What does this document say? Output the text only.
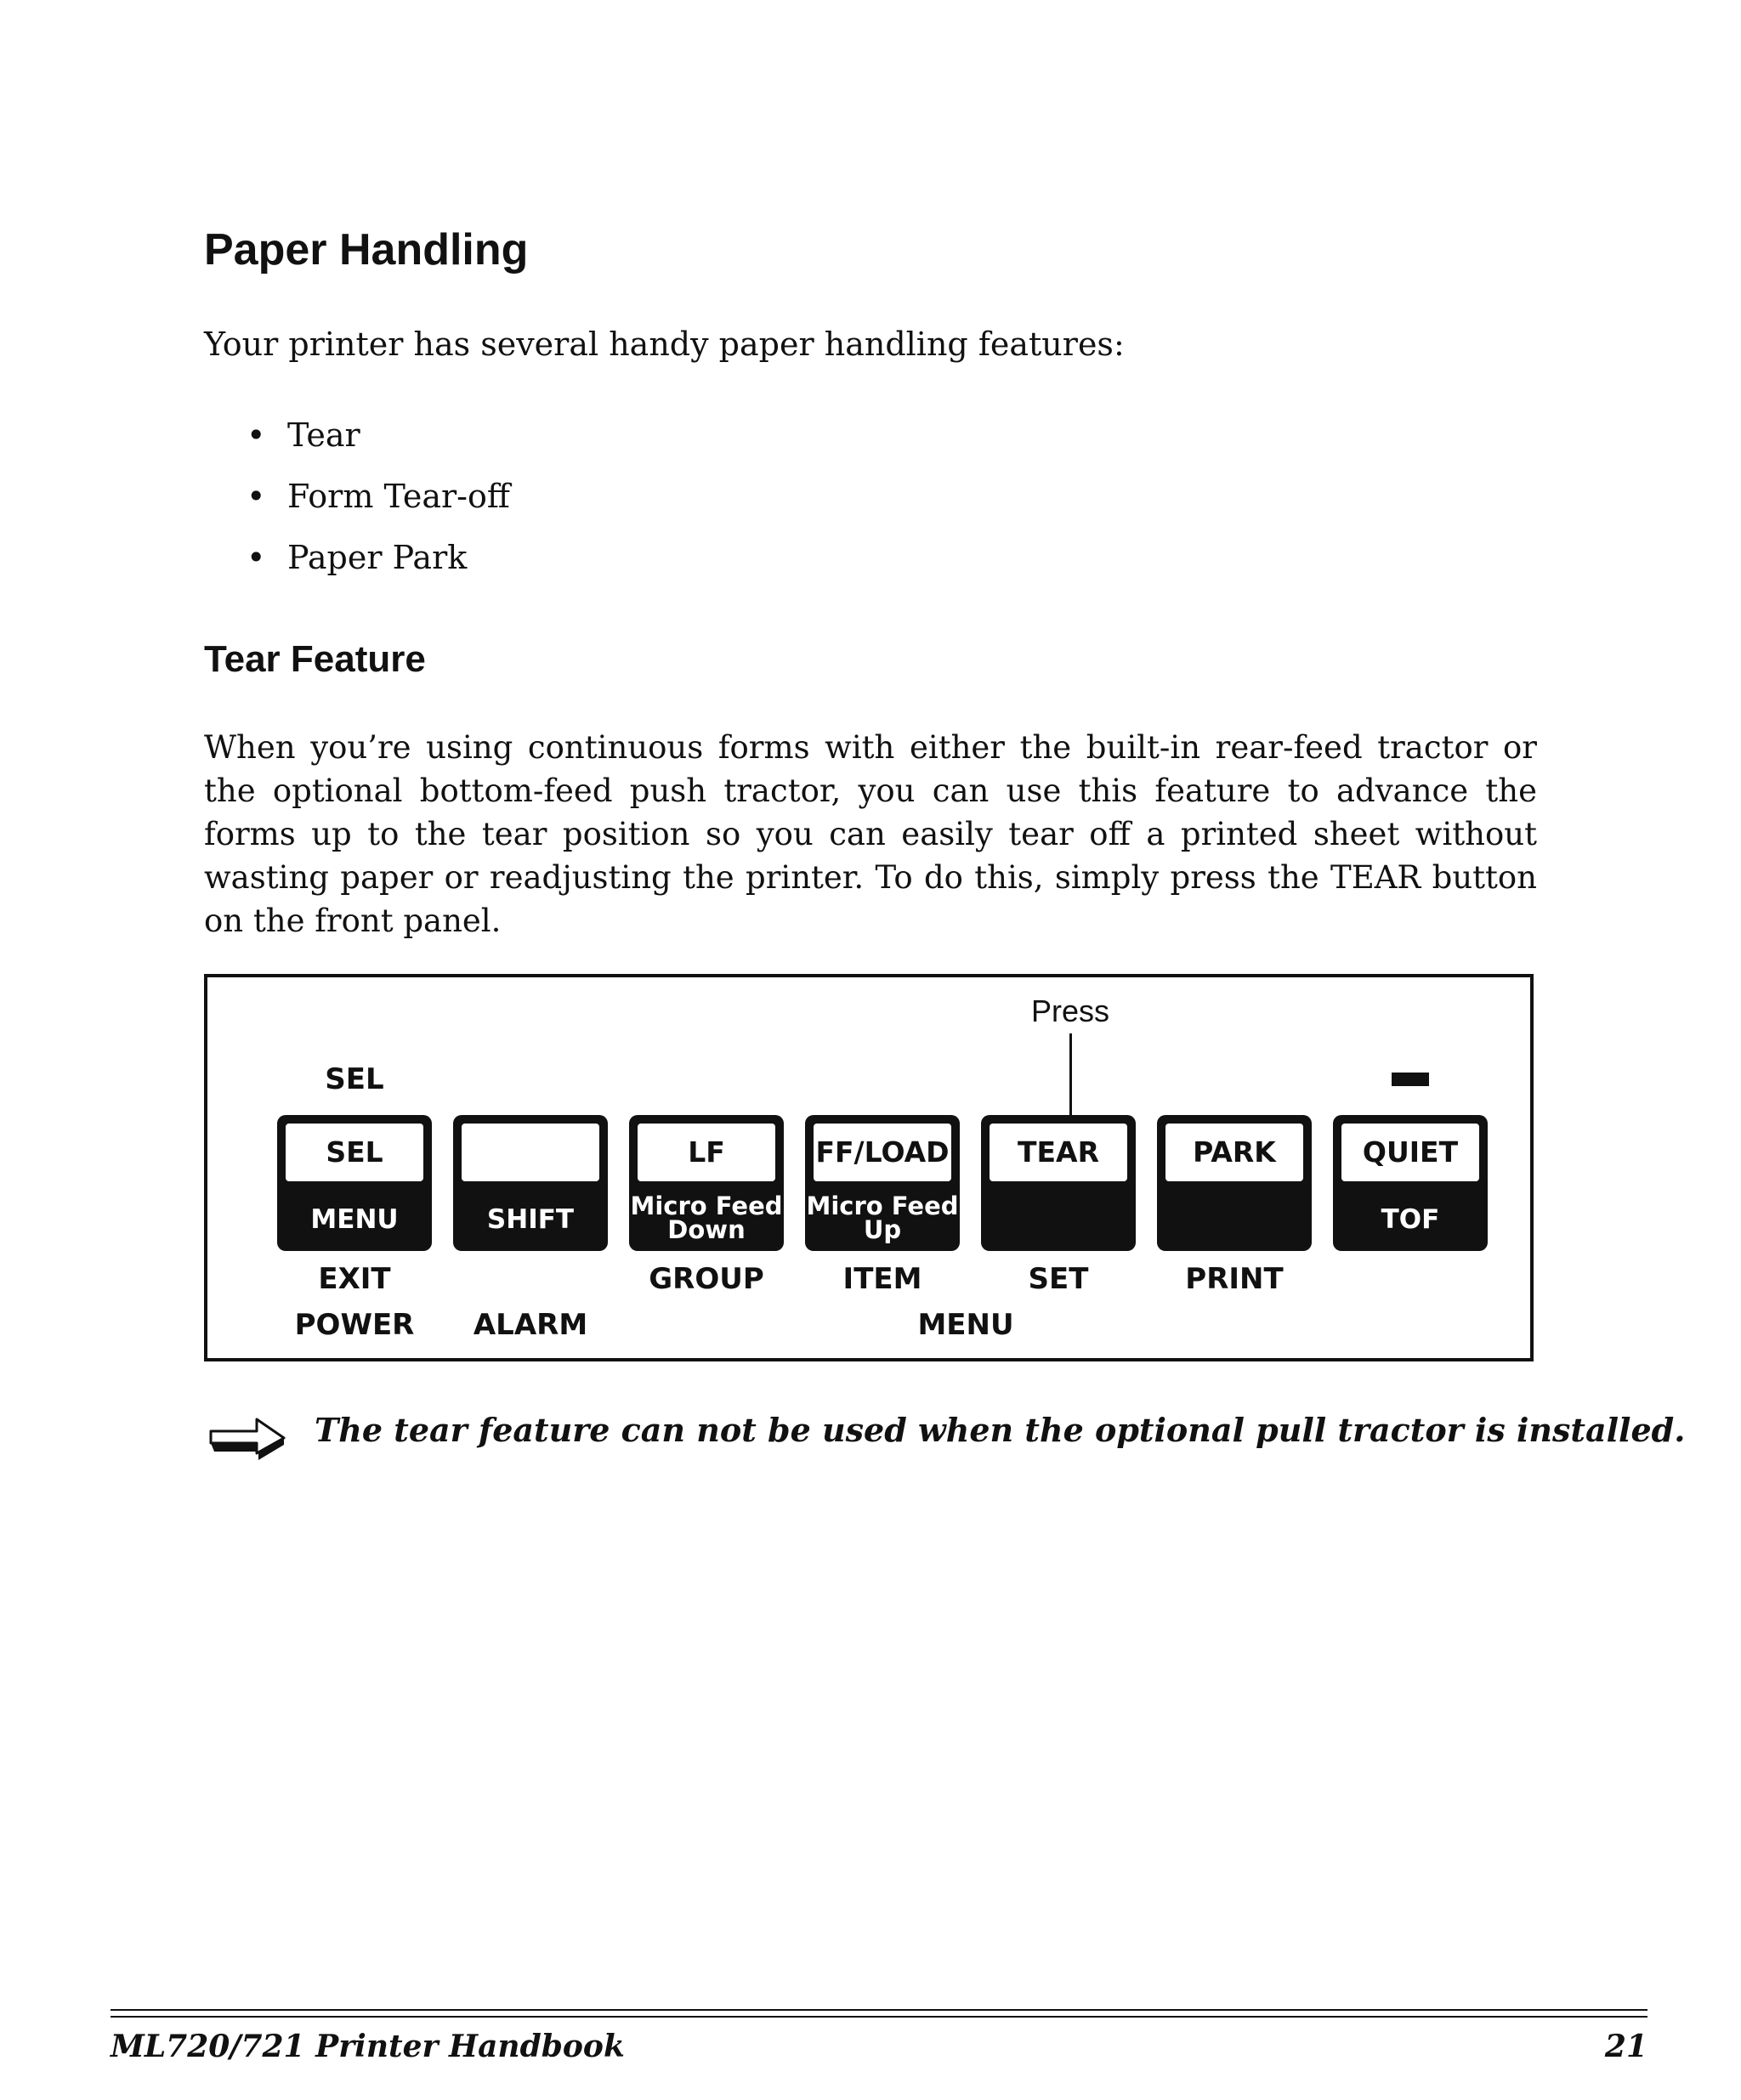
Paper Handling

Your printer has several handy paper handling features:

• Tear
• Form Tear-off
• Paper Park
Tear Feature

When you’re using continuous forms with either the built-in rear-feed tractor or the optional bottom-feed push tractor, you can use this feature to advance the forms up to the tear position so you can easily tear off a printed sheet without wasting paper or readjusting the printer. To do this, simply press the TEAR button on the front panel.

Press
SEL
SEL
MENU	SHIFT
LF
Micro Feed Down
FF/LOAD
Micro Feed Up
TEAR	PARK	QUIET
TOF
EXIT	GROUP	ITEM	SET	PRINT
POWER	ALARM	MENU

The tear feature can not be used when the optional pull tractor is installed.

ML720/721 Printer Handbook	21
